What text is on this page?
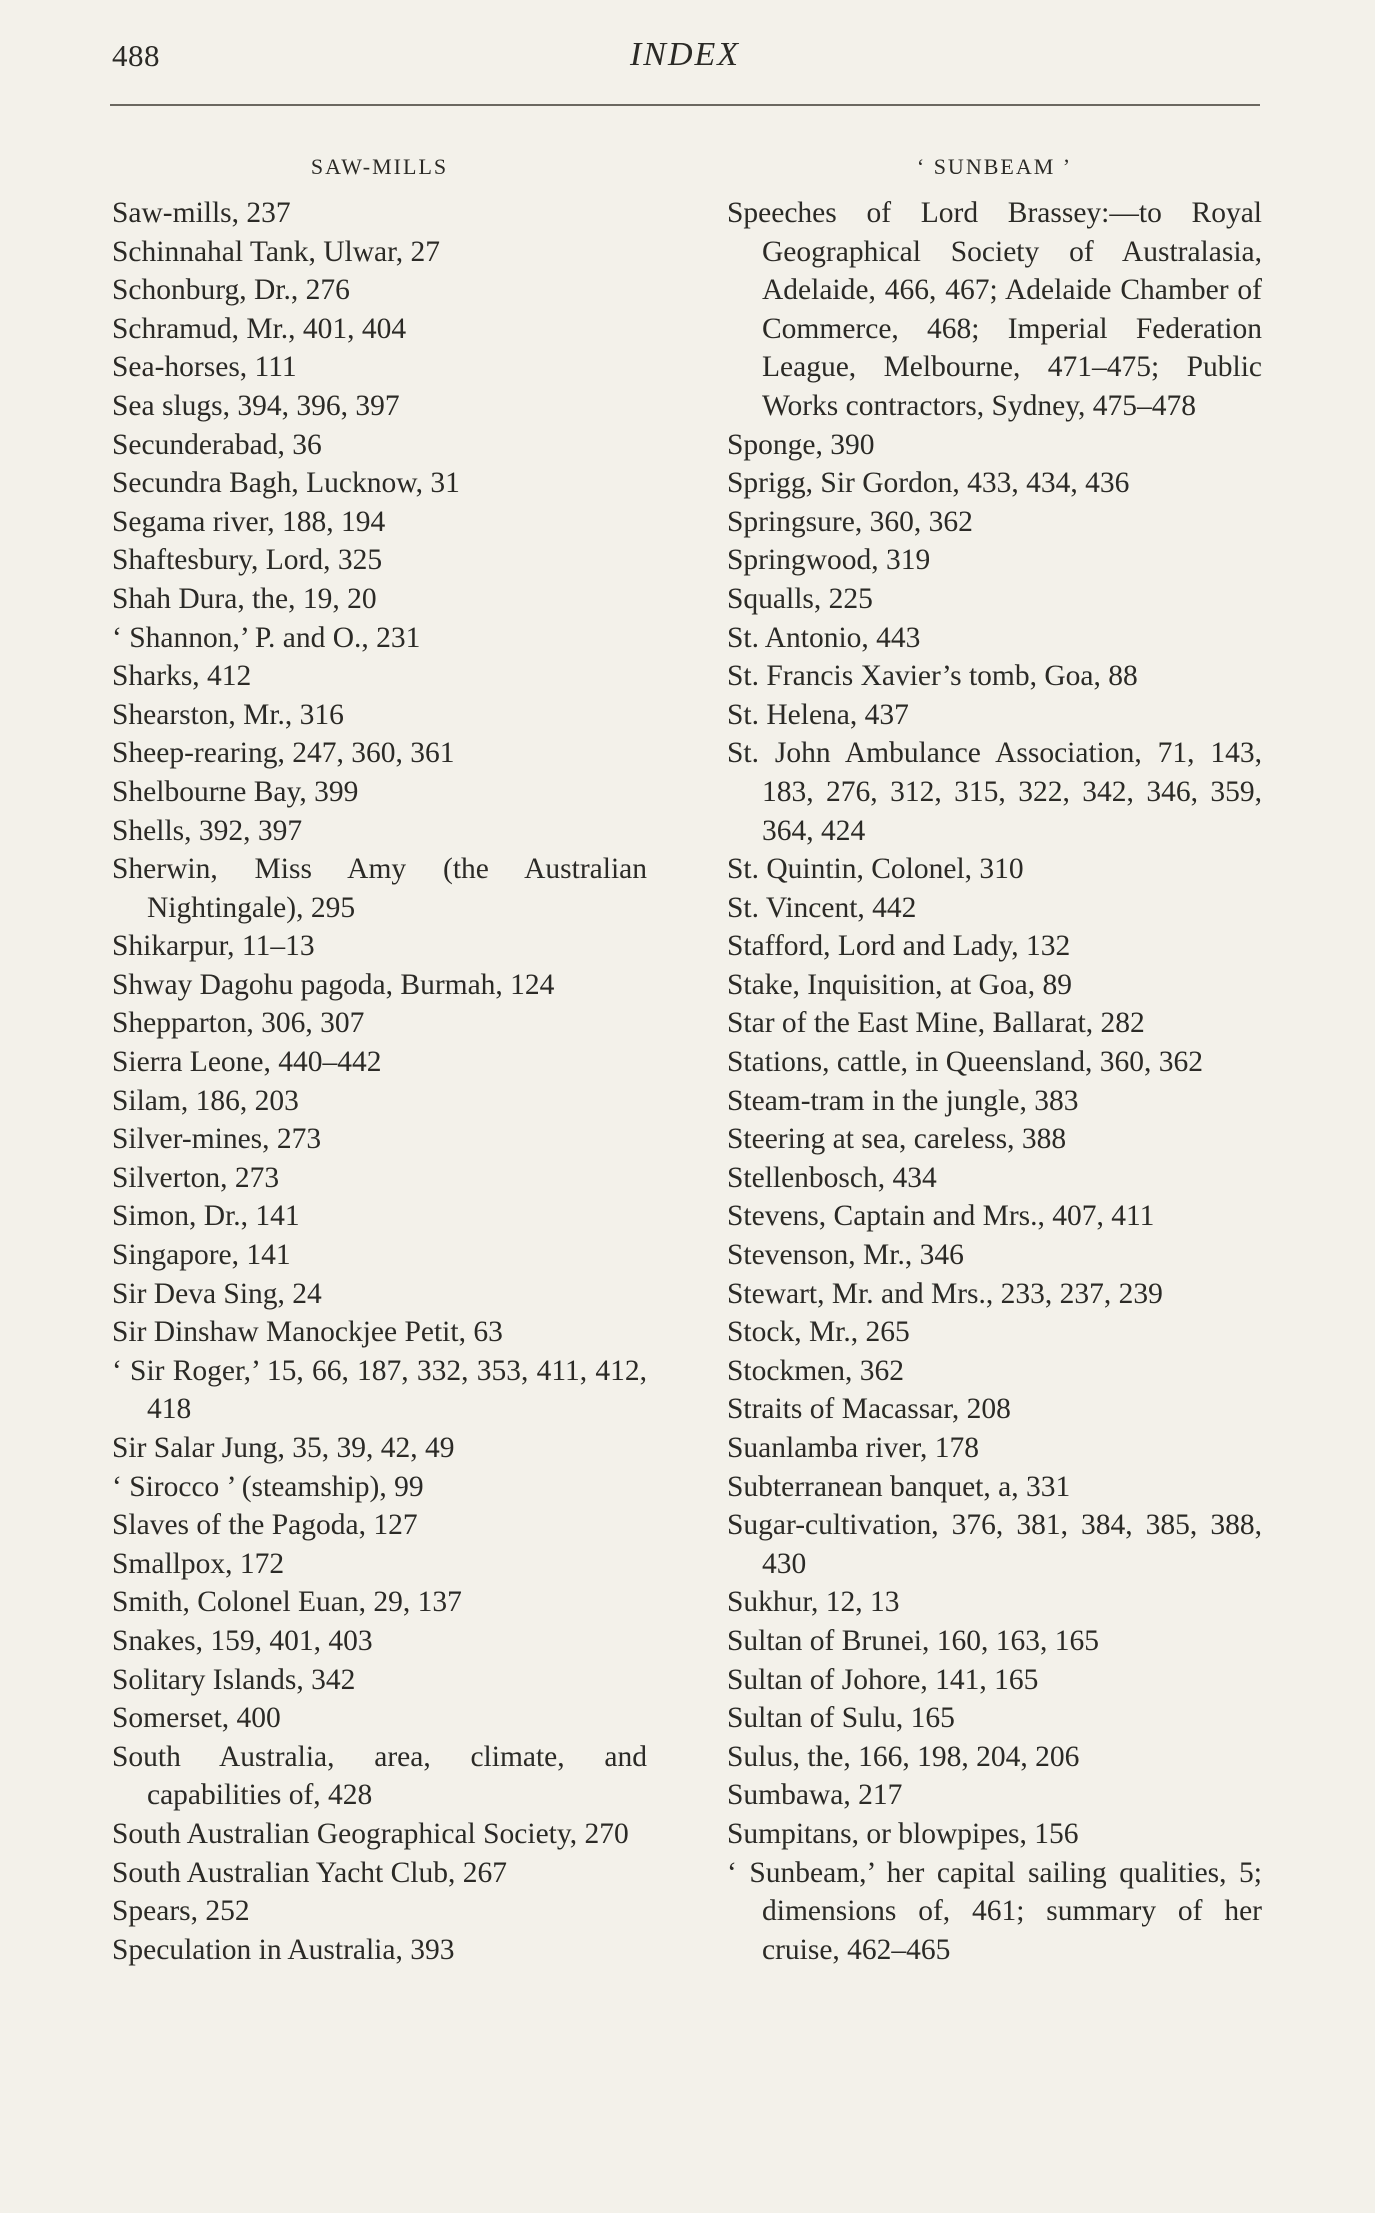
488	INDEX
SAW-MILLS
Saw-mills, 237
Schinnahal Tank, Ulwar, 27
Schonburg, Dr., 276
Schramud, Mr., 401, 404
Sea-horses, 111
Sea slugs, 394, 396, 397
Secunderabad, 36
Secundra Bagh, Lucknow, 31
Segama river, 188, 194
Shaftesbury, Lord, 325
Shah Dura, the, 19, 20
‘ Shannon,’ P. and O., 231
Sharks, 412
Shearston, Mr., 316
Sheep-rearing, 247, 360, 361
Shelbourne Bay, 399
Shells, 392, 397
Sherwin, Miss Amy (the Australian Nightingale), 295
Shikarpur, 11–13
Shway Dagohu pagoda, Burmah, 124
Shepparton, 306, 307
Sierra Leone, 440–442
Silam, 186, 203
Silver-mines, 273
Silverton, 273
Simon, Dr., 141
Singapore, 141
Sir Deva Sing, 24
Sir Dinshaw Manockjee Petit, 63
‘ Sir Roger,’ 15, 66, 187, 332, 353, 411, 412, 418
Sir Salar Jung, 35, 39, 42, 49
‘ Sirocco ’ (steamship), 99
Slaves of the Pagoda, 127
Smallpox, 172
Smith, Colonel Euan, 29, 137
Snakes, 159, 401, 403
Solitary Islands, 342
Somerset, 400
South Australia, area, climate, and capabilities of, 428
South Australian Geographical Society, 270
South Australian Yacht Club, 267
Spears, 252
Speculation in Australia, 393
‘ SUNBEAM ’
Speeches of Lord Brassey:—to Royal Geographical Society of Australasia, Adelaide, 466, 467; Adelaide Chamber of Commerce, 468; Imperial Federation League, Melbourne, 471–475; Public Works contractors, Sydney, 475–478
Sponge, 390
Sprigg, Sir Gordon, 433, 434, 436
Springsure, 360, 362
Springwood, 319
Squalls, 225
St. Antonio, 443
St. Francis Xavier’s tomb, Goa, 88
St. Helena, 437
St. John Ambulance Association, 71, 143, 183, 276, 312, 315, 322, 342, 346, 359, 364, 424
St. Quintin, Colonel, 310
St. Vincent, 442
Stafford, Lord and Lady, 132
Stake, Inquisition, at Goa, 89
Star of the East Mine, Ballarat, 282
Stations, cattle, in Queensland, 360, 362
Steam-tram in the jungle, 383
Steering at sea, careless, 388
Stellenbosch, 434
Stevens, Captain and Mrs., 407, 411
Stevenson, Mr., 346
Stewart, Mr. and Mrs., 233, 237, 239
Stock, Mr., 265
Stockmen, 362
Straits of Macassar, 208
Suanlamba river, 178
Subterranean banquet, a, 331
Sugar-cultivation, 376, 381, 384, 385, 388, 430
Sukhur, 12, 13
Sultan of Brunei, 160, 163, 165
Sultan of Johore, 141, 165
Sultan of Sulu, 165
Sulus, the, 166, 198, 204, 206
Sumbawa, 217
Sumpitans, or blowpipes, 156
‘ Sunbeam,’ her capital sailing qualities, 5; dimensions of, 461; summary of her cruise, 462–465
